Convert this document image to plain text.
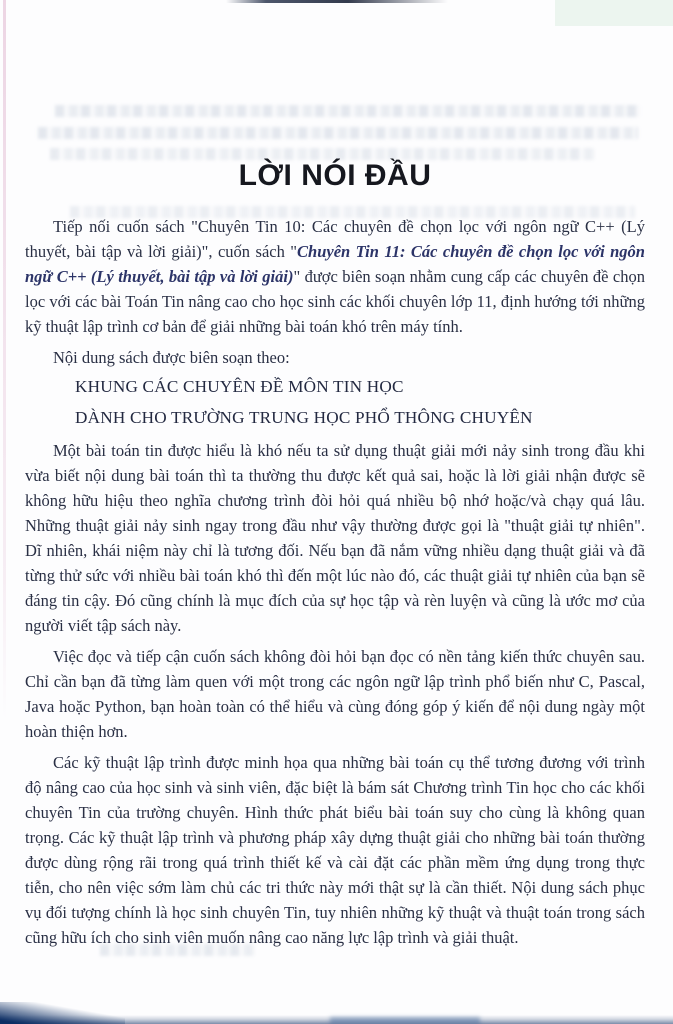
LỜI NÓI ĐẦU

Tiếp nối cuốn sách "Chuyên Tin 10: Các chuyên đề chọn lọc với ngôn ngữ C++ (Lý thuyết, bài tập và lời giải)", cuốn sách "Chuyên Tin 11: Các chuyên đề chọn lọc với ngôn ngữ C++ (Lý thuyết, bài tập và lời giải)" được biên soạn nhằm cung cấp các chuyên đề chọn lọc với các bài Toán Tin nâng cao cho học sinh các khối chuyên lớp 11, định hướng tới những kỹ thuật lập trình cơ bản để giải những bài toán khó trên máy tính.

Nội dung sách được biên soạn theo:

KHUNG CÁC CHUYÊN ĐỀ MÔN TIN HỌC
DÀNH CHO TRƯỜNG TRUNG HỌC PHỔ THÔNG CHUYÊN

Một bài toán tin được hiểu là khó nếu ta sử dụng thuật giải mới nảy sinh trong đầu khi vừa biết nội dung bài toán thì ta thường thu được kết quả sai, hoặc là lời giải nhận được sẽ không hữu hiệu theo nghĩa chương trình đòi hỏi quá nhiều bộ nhớ hoặc/và chạy quá lâu. Những thuật giải nảy sinh ngay trong đầu như vậy thường được gọi là "thuật giải tự nhiên". Dĩ nhiên, khái niệm này chỉ là tương đối. Nếu bạn đã nắm vững nhiều dạng thuật giải và đã từng thử sức với nhiều bài toán khó thì đến một lúc nào đó, các thuật giải tự nhiên của bạn sẽ đáng tin cậy. Đó cũng chính là mục đích của sự học tập và rèn luyện và cũng là ước mơ của người viết tập sách này.

Việc đọc và tiếp cận cuốn sách không đòi hỏi bạn đọc có nền tảng kiến thức chuyên sau. Chỉ cần bạn đã từng làm quen với một trong các ngôn ngữ lập trình phổ biến như C, Pascal, Java hoặc Python, bạn hoàn toàn có thể hiểu và cùng đóng góp ý kiến để nội dung ngày một hoàn thiện hơn.

Các kỹ thuật lập trình được minh họa qua những bài toán cụ thể tương đương với trình độ nâng cao của học sinh và sinh viên, đặc biệt là bám sát Chương trình Tin học cho các khối chuyên Tin của trường chuyên. Hình thức phát biểu bài toán suy cho cùng là không quan trọng. Các kỹ thuật lập trình và phương pháp xây dựng thuật giải cho những bài toán thường được dùng rộng rãi trong quá trình thiết kế và cài đặt các phần mềm ứng dụng trong thực tiễn, cho nên việc sớm làm chủ các tri thức này mới thật sự là cần thiết. Nội dung sách phục vụ đối tượng chính là học sinh chuyên Tin, tuy nhiên những kỹ thuật và thuật toán trong sách cũng hữu ích cho sinh viên muốn nâng cao năng lực lập trình và giải thuật.
